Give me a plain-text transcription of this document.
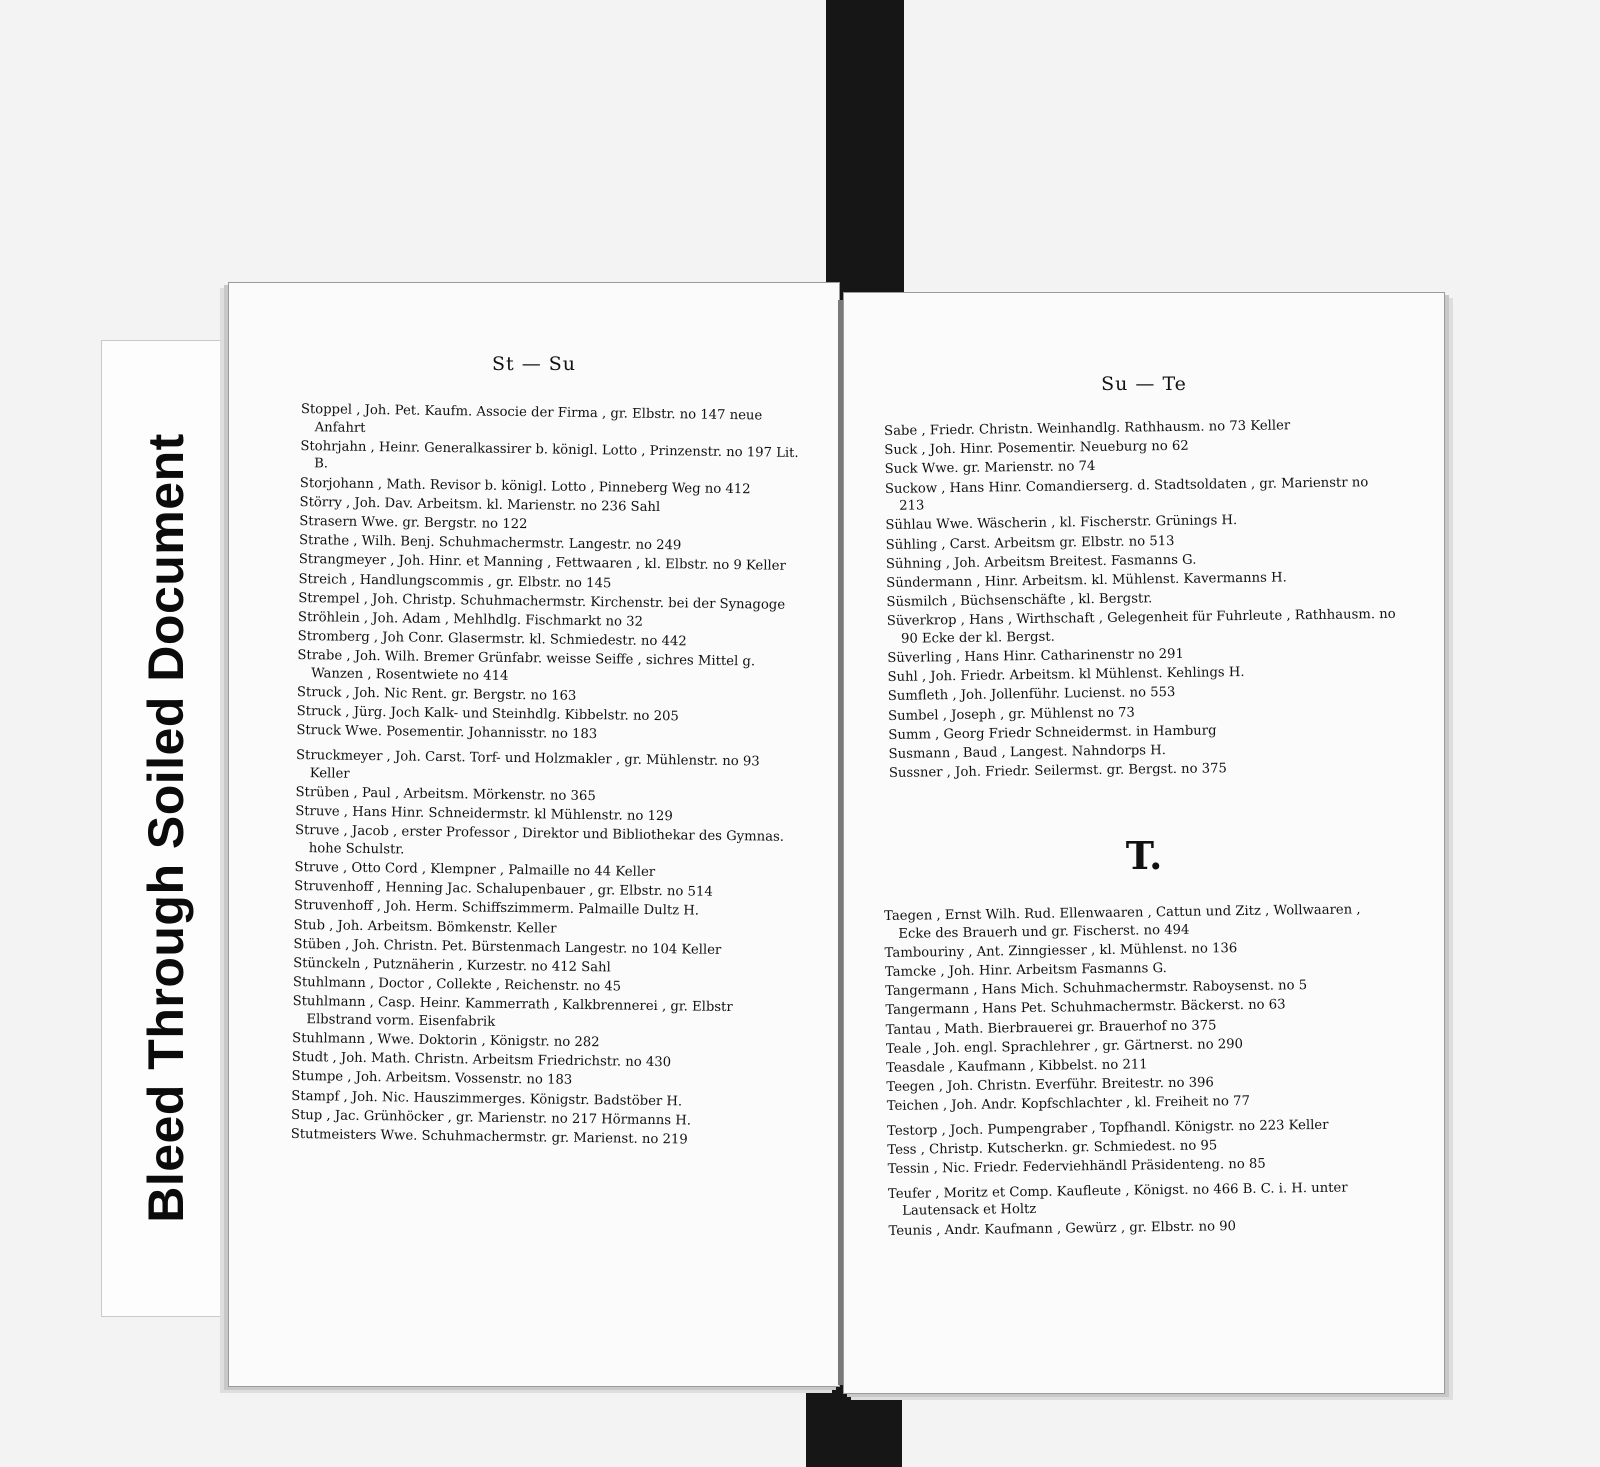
Bleed Through Soiled Document
St — Su
Stoppel , Joh. Pet. Kaufm. Associe der Firma , gr. Elbstr. no 147 neue Anfahrt
Stohrjahn , Heinr. Generalkassirer b. königl. Lotto , Prinzenstr. no 197 Lit. B.
Storjohann , Math. Revisor b. königl. Lotto , Pinneberg Weg no 412
Störry , Joh. Dav. Arbeitsm. kl. Marienstr. no 236 Sahl
Strasern Wwe. gr. Bergstr. no 122
Strathe , Wilh. Benj. Schuhmachermstr. Langestr. no 249
Strangmeyer , Joh. Hinr. et Manning , Fettwaaren , kl. Elbstr. no 9 Keller
Streich , Handlungscommis , gr. Elbstr. no 145
Strempel , Joh. Christp. Schuhmachermstr. Kirchenstr. bei der Synagoge
Ströhlein , Joh. Adam , Mehlhdlg. Fischmarkt no 32
Stromberg , Joh Conr. Glasermstr. kl. Schmiedestr. no 442
Strabe , Joh. Wilh. Bremer Grünfabr. weisse Seiffe , sichres Mittel g. Wanzen , Rosentwiete no 414
Struck , Joh. Nic Rent. gr. Bergstr. no 163
Struck , Jürg. Joch Kalk- und Steinhdlg. Kibbelstr. no 205
Struck Wwe. Posementir. Johannisstr. no 183
Struckmeyer , Joh. Carst. Torf- und Holzmakler , gr. Mühlenstr. no 93 Keller
Strüben , Paul , Arbeitsm. Mörkenstr. no 365
Struve , Hans Hinr. Schneidermstr. kl Mühlenstr. no 129
Struve , Jacob , erster Professor , Direktor und Bibliothekar des Gymnas. hohe Schulstr.
Struve , Otto Cord , Klempner , Palmaille no 44 Keller
Struvenhoff , Henning Jac. Schalupenbauer , gr. Elbstr. no 514
Struvenhoff , Joh. Herm. Schiffszimmerm. Palmaille Dultz H.
Stub , Joh. Arbeitsm. Bömkenstr. Keller
Stüben , Joh. Christn. Pet. Bürstenmach Langestr. no 104 Keller
Stünckeln , Putznäherin , Kurzestr. no 412 Sahl
Stuhlmann , Doctor , Collekte , Reichenstr. no 45
Stuhlmann , Casp. Heinr. Kammerrath , Kalkbrennerei , gr. Elbstr Elbstrand vorm. Eisenfabrik
Stuhlmann , Wwe. Doktorin , Königstr. no 282
Studt , Joh. Math. Christn. Arbeitsm Friedrichstr. no 430
Stumpe , Joh. Arbeitsm. Vossenstr. no 183
Stampf , Joh. Nic. Hauszimmerges. Königstr. Badstöber H.
Stup , Jac. Grünhöcker , gr. Marienstr. no 217 Hörmanns H.
Stutmeisters Wwe. Schuhmachermstr. gr. Marienst. no 219
Su — Te
Sabe , Friedr. Christn. Weinhandlg. Rathhausm. no 73 Keller
Suck , Joh. Hinr. Posementir. Neueburg no 62
Suck Wwe. gr. Marienstr. no 74
Suckow , Hans Hinr. Comandierserg. d. Stadtsoldaten , gr. Marienstr no 213
Sühlau Wwe. Wäscherin , kl. Fischerstr. Grünings H.
Sühling , Carst. Arbeitsm gr. Elbstr. no 513
Sühning , Joh. Arbeitsm Breitest. Fasmanns G.
Sündermann , Hinr. Arbeitsm. kl. Mühlenst. Kavermanns H.
Süsmilch , Büchsenschäfte , kl. Bergstr.
Süverkrop , Hans , Wirthschaft , Gelegenheit für Fuhrleute , Rathhausm. no 90 Ecke der kl. Bergst.
Süverling , Hans Hinr. Catharinenstr no 291
Suhl , Joh. Friedr. Arbeitsm. kl Mühlenst. Kehlings H.
Sumfleth , Joh. Jollenführ. Lucienst. no 553
Sumbel , Joseph , gr. Mühlenst no 73
Summ , Georg Friedr Schneidermst. in Hamburg
Susmann , Baud , Langest. Nahndorps H.
Sussner , Joh. Friedr. Seilermst. gr. Bergst. no 375
T.
Taegen , Ernst Wilh. Rud. Ellenwaaren , Cattun und Zitz , Wollwaaren , Ecke des Brauerh und gr. Fischerst. no 494
Tambouriny , Ant. Zinngiesser , kl. Mühlenst. no 136
Tamcke , Joh. Hinr. Arbeitsm Fasmanns G.
Tangermann , Hans Mich. Schuhmachermstr. Raboysenst. no 5
Tangermann , Hans Pet. Schuhmachermstr. Bäckerst. no 63
Tantau , Math. Bierbrauerei gr. Brauerhof no 375
Teale , Joh. engl. Sprachlehrer , gr. Gärtnerst. no 290
Teasdale , Kaufmann , Kibbelst. no 211
Teegen , Joh. Christn. Everführ. Breitestr. no 396
Teichen , Joh. Andr. Kopfschlachter , kl. Freiheit no 77
Testorp , Joch. Pumpengraber , Topfhandl. Königstr. no 223 Keller
Tess , Christp. Kutscherkn. gr. Schmiedest. no 95
Tessin , Nic. Friedr. Federviehhändl Präsidenteng. no 85
Teufer , Moritz et Comp. Kaufleute , Königst. no 466 B. C. i. H. unter Lautensack et Holtz
Teunis , Andr. Kaufmann , Gewürz , gr. Elbstr. no 90
